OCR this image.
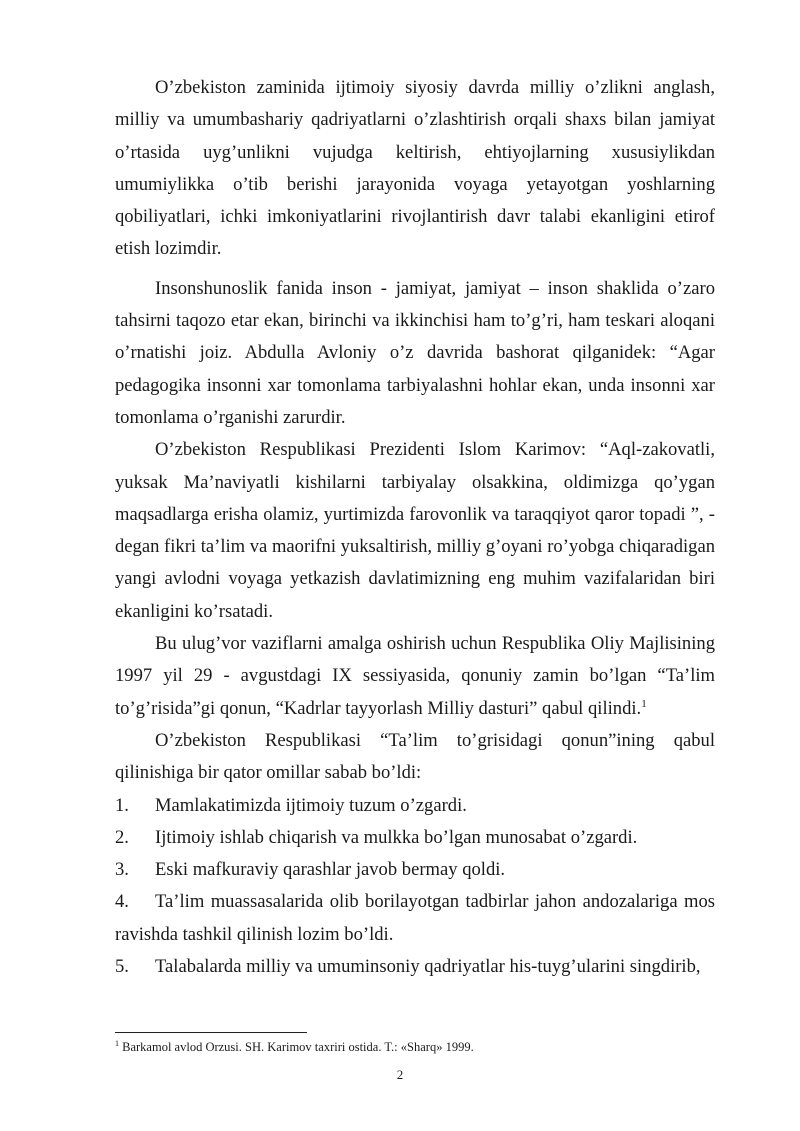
O’zbekiston zaminida ijtimoiy siyosiy davrda milliy o’zlikni anglash, milliy va umumbashariy qadriyatlarni o’zlashtirish orqali shaxs bilan jamiyat o’rtasida uyg’unlikni vujudga keltirish, ehtiyojlarning xususiylikdan umumiylikka o’tib berishi jarayonida voyaga yetayotgan yoshlarning qobiliyatlari, ichki imkoniyatlarini rivojlantirish davr talabi ekanligini etirof etish lozimdir.

Insonshunoslik fanida inson - jamiyat, jamiyat – inson shaklida o’zaro tahsirni taqozo etar ekan, birinchi va ikkinchisi ham to’g’ri, ham teskari aloqani o’rnatishi joiz. Abdulla Avloniy o’z davrida bashorat qilganidek: “Agar pedagogika insonni xar tomonlama tarbiyalashni hohlar ekan, unda insonni xar tomonlama o’rganishi zarurdir.

O’zbekiston Respublikasi Prezidenti Islom Karimov: “Aql-zakovatli, yuksak Ma’naviyatli kishilarni tarbiyalay olsakkina, oldimizga qo’ygan maqsadlarga erisha olamiz, yurtimizda farovonlik va taraqqiyot qaror topadi ”, - degan fikri ta’lim va maorifni yuksaltirish, milliy g’oyani ro’yobga chiqaradigan yangi avlodni voyaga yetkazish davlatimizning eng muhim vazifalaridan biri ekanligini ko’rsatadi.

Bu ulug’vor vaziflarni amalga oshirish uchun Respublika Oliy Majlisining 1997 yil 29 - avgustdagi IX sessiyasida, qonuniy zamin bo’lgan “Ta’lim to’g’risida”gi qonun, “Kadrlar tayyorlash Milliy dasturi” qabul qilindi.$^1$

O’zbekiston Respublikasi “Ta’lim to’grisidagi qonun”ining qabul qilinishiga bir qator omillar sabab bo’ldi:

1. Mamlakatimizda ijtimoiy tuzum o’zgardi.

2. Ijtimoiy ishlab chiqarish va mulkka bo’lgan munosabat o’zgardi.

3. Eski mafkuraviy qarashlar javob bermay qoldi.

4. Ta’lim muassasalarida olib borilayotgan tadbirlar jahon andozalariga mos ravishda tashkil qilinish lozim bo’ldi.

5. Talabalarda milliy va umuminsoniy qadriyatlar his-tuyg’ularini singdirib,

$^1$ Barkamol avlod Orzusi. SH. Karimov taxriri ostida. T.: «Sharq» 1999.

2
